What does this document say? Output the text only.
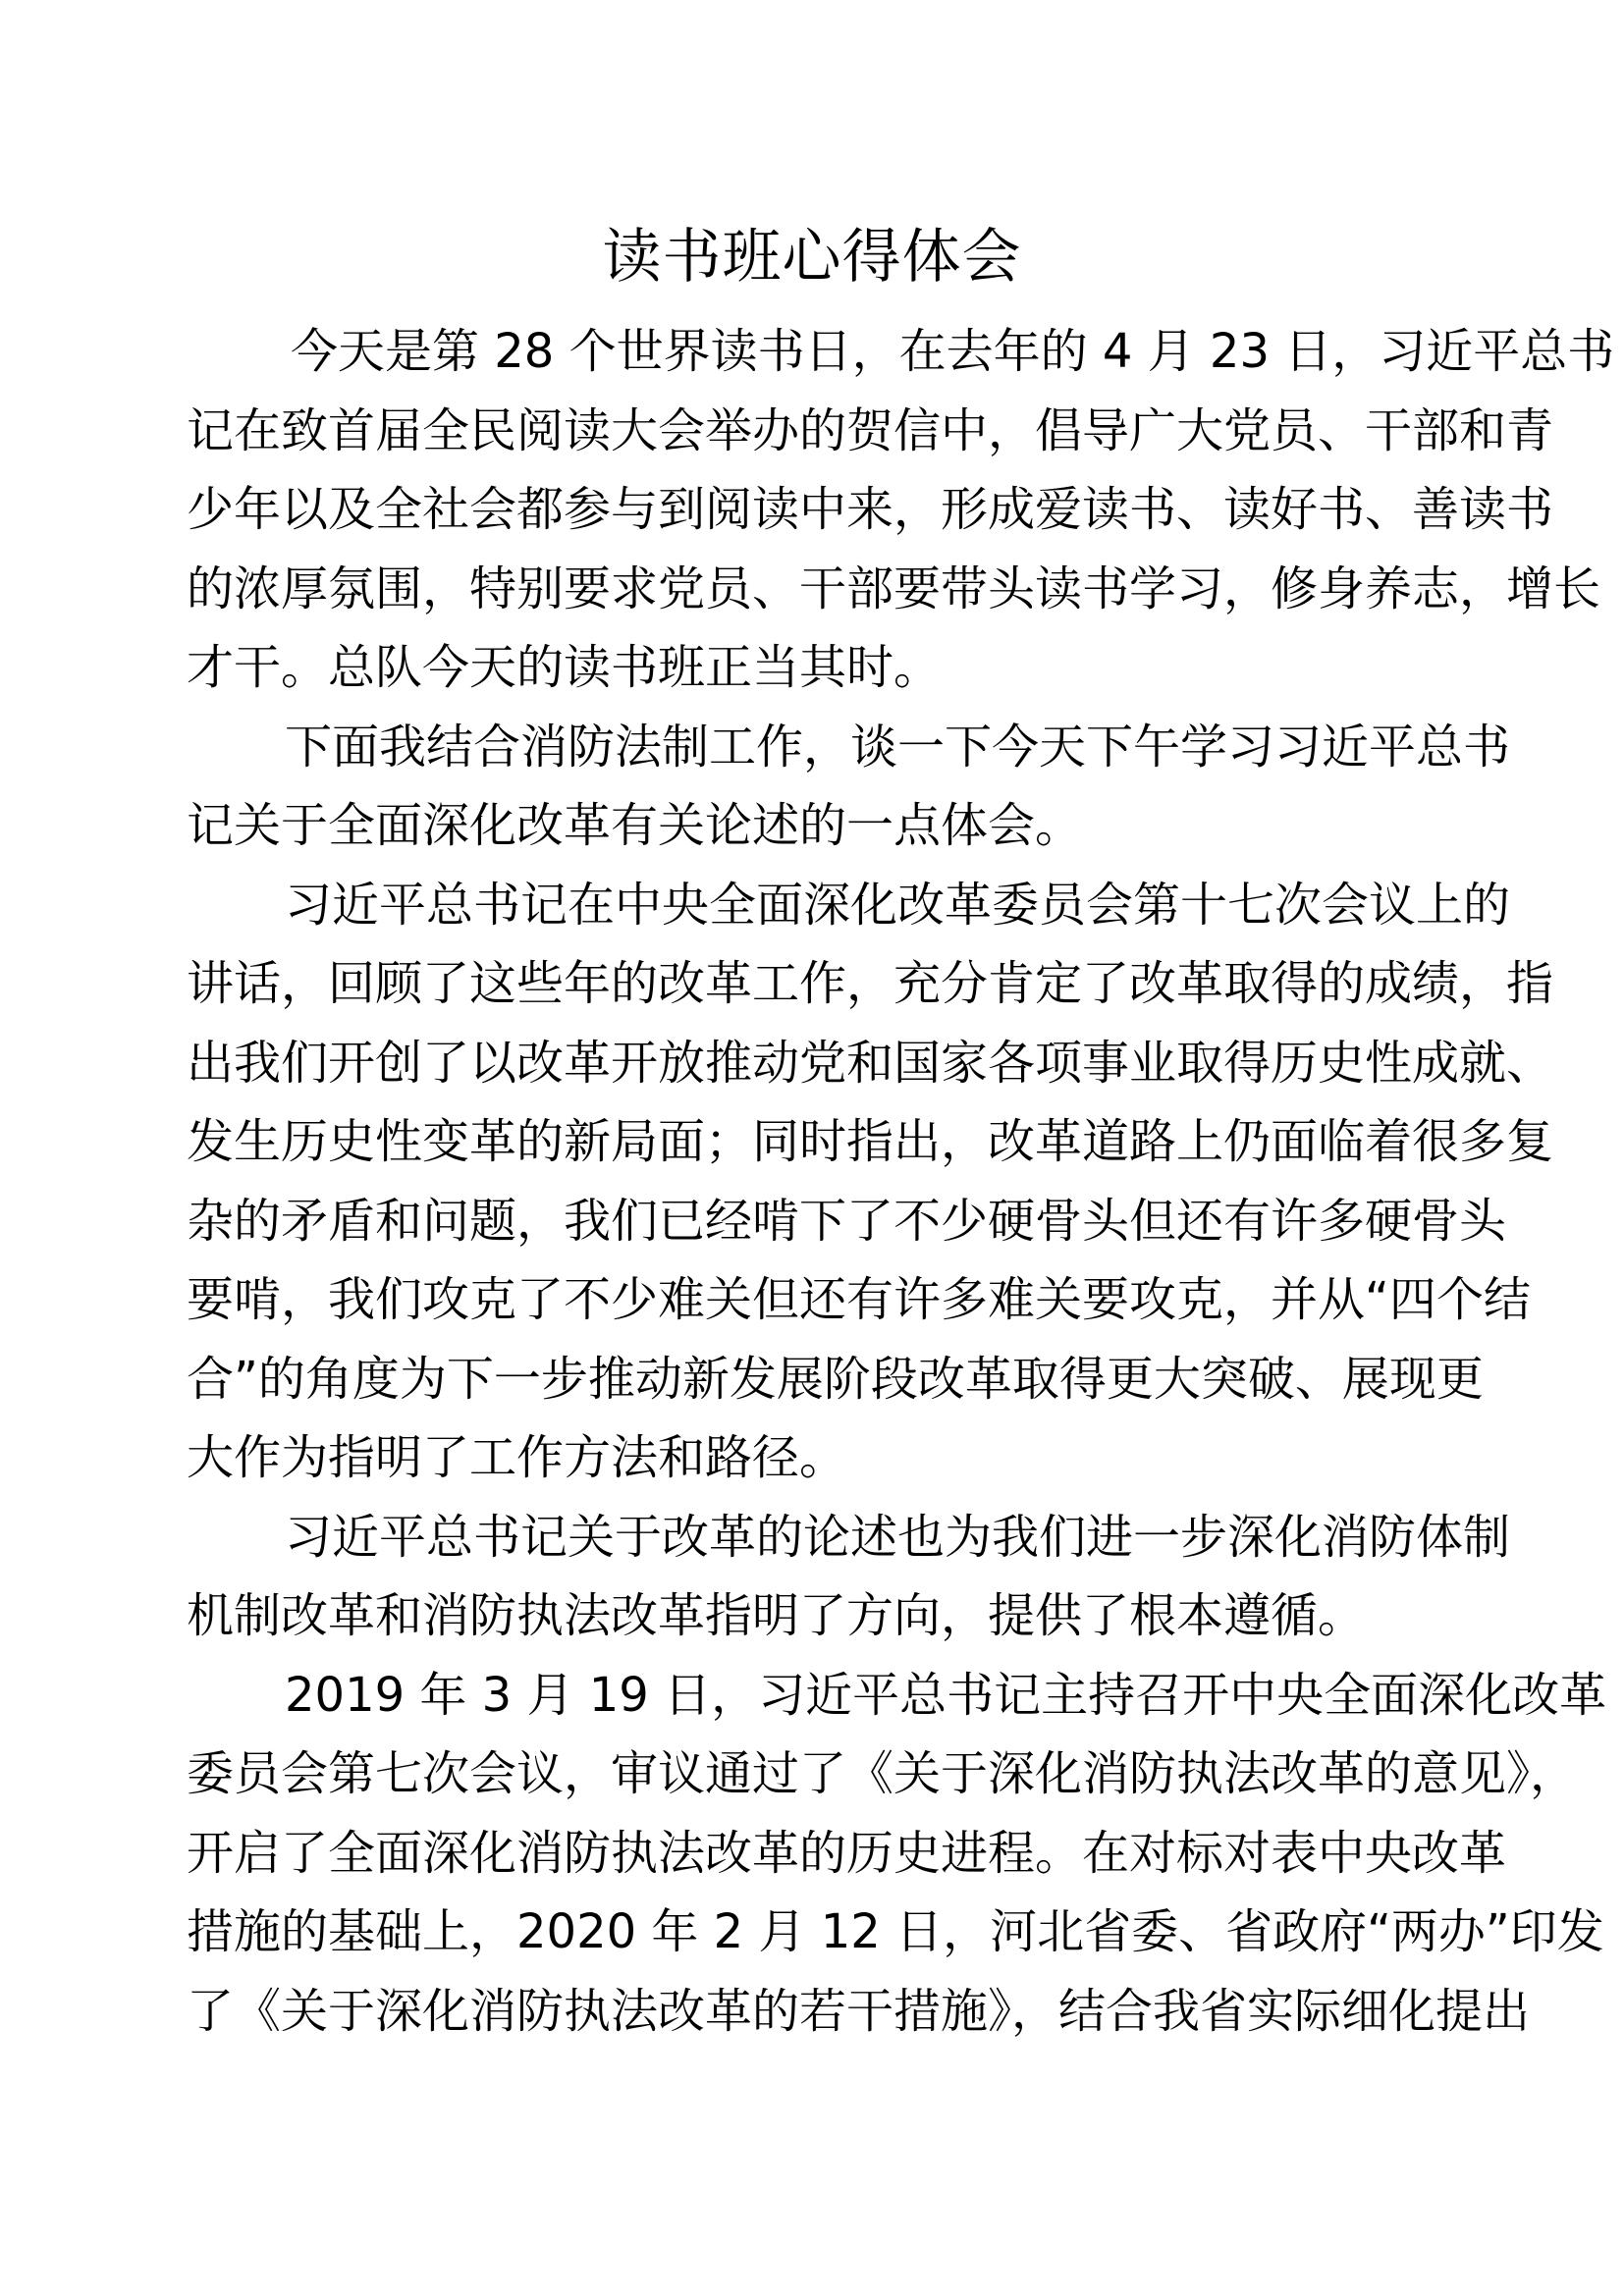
读书班心得体会
今天是第 28 个世界读书日，在去年的 4 月 23 日，习近平总书
记在致首届全民阅读大会举办的贺信中，倡导广大党员、干部和青
少年以及全社会都参与到阅读中来，形成爱读书、读好书、善读书
的浓厚氛围，特别要求党员、干部要带头读书学习，修身养志，增长
才干。总队今天的读书班正当其时。
下面我结合消防法制工作，谈一下今天下午学习习近平总书
记关于全面深化改革有关论述的一点体会。
习近平总书记在中央全面深化改革委员会第十七次会议上的
讲话，回顾了这些年的改革工作，充分肯定了改革取得的成绩，指
出我们开创了以改革开放推动党和国家各项事业取得历史性成就、
发生历史性变革的新局面；同时指出，改革道路上仍面临着很多复
杂的矛盾和问题，我们已经啃下了不少硬骨头但还有许多硬骨头
要啃，我们攻克了不少难关但还有许多难关要攻克，并从“四个结
合”的角度为下一步推动新发展阶段改革取得更大突破、展现更
大作为指明了工作方法和路径。
习近平总书记关于改革的论述也为我们进一步深化消防体制
机制改革和消防执法改革指明了方向，提供了根本遵循。
2019 年 3 月 19 日，习近平总书记主持召开中央全面深化改革
委员会第七次会议，审议通过了《关于深化消防执法改革的意见》，
开启了全面深化消防执法改革的历史进程。在对标对表中央改革
措施的基础上，2020 年 2 月 12 日，河北省委、省政府“两办”印发
了《关于深化消防执法改革的若干措施》，结合我省实际细化提出
